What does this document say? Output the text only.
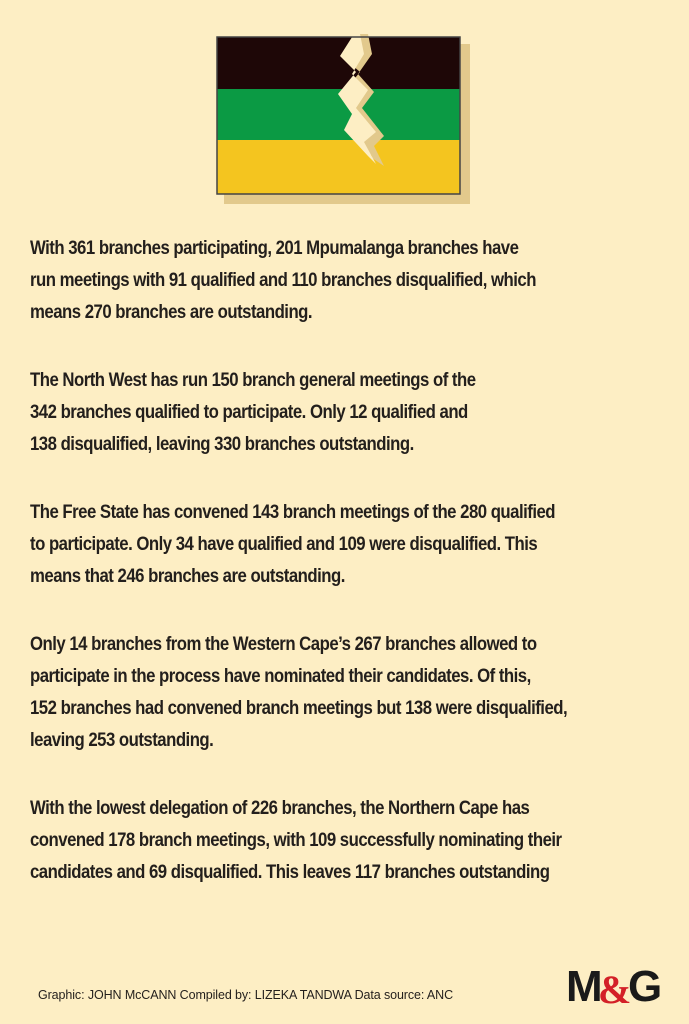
With 361 branches participating, 201 Mpumalanga branches have
run meetings with 91 qualified and 110 branches disqualified, which
means 270 branches are outstanding.

The North West has run 150 branch general meetings of the
342 branches qualified to participate. Only 12 qualified and
138 disqualified, leaving 330 branches outstanding.

The Free State has convened 143 branch meetings of the 280 qualified
to participate. Only 34 have qualified and 109 were disqualified. This
means that 246 branches are outstanding.

Only 14 branches from the Western Cape’s 267 branches allowed to
participate in the process have nominated their candidates. Of this,
152 branches had convened branch meetings but 138 were disqualified,
leaving 253 outstanding.

With the lowest delegation of 226 branches, the Northern Cape has
convened 178 branch meetings, with 109 successfully nominating their
candidates and 69 disqualified. This leaves 117 branches outstanding

Graphic: JOHN McCANN Compiled by: LIZEKA TANDWA Data source: ANC	M
&
G
